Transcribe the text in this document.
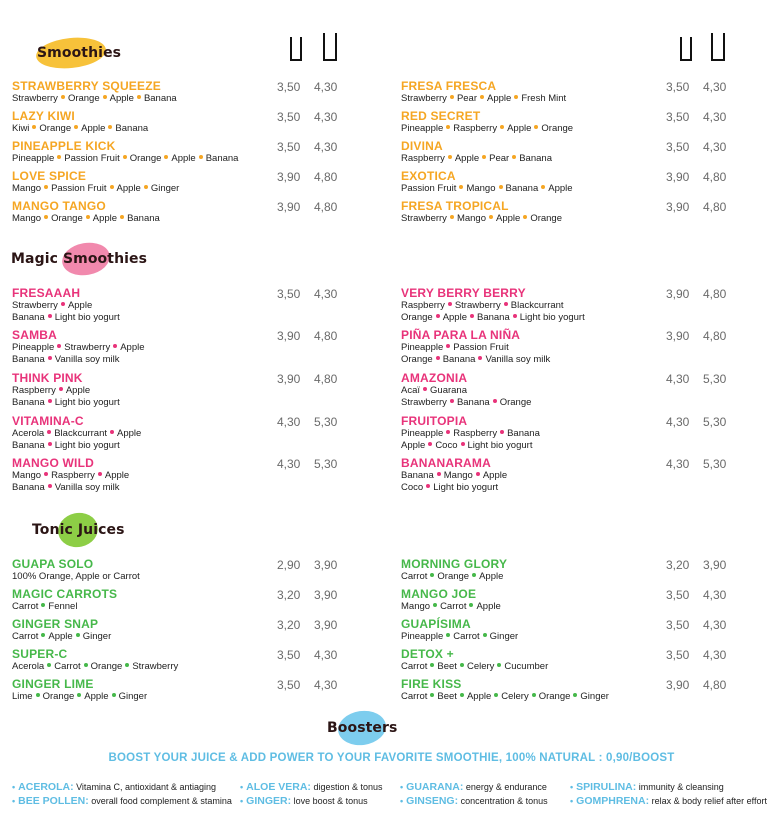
Smoothies
Magic Smoothies
Tonic Juices
Boosters
STRAWBERRY SQUEEZE
Strawberry Orange Apple Banana
3,50 4,30
LAZY KIWI
Kiwi Orange Apple Banana
3,50 4,30
PINEAPPLE KICK
Pineapple Passion Fruit Orange Apple Banana
3,50 4,30
LOVE SPICE
Mango Passion Fruit Apple Ginger
3,90 4,80
MANGO TANGO
Mango Orange Apple Banana
3,90 4,80
FRESA FRESCA
Strawberry Pear Apple Fresh Mint
3,50 4,30
RED SECRET
Pineapple Raspberry Apple Orange
3,50 4,30
DIVINA
Raspberry Apple Pear Banana
3,50 4,30
EXOTICA
Passion Fruit Mango Banana Apple
3,90 4,80
FRESA TROPICAL
Strawberry Mango Apple Orange
3,90 4,80
FRESAAAH
Strawberry Apple
Banana Light bio yogurt
3,50 4,30
SAMBA
Pineapple Strawberry Apple
Banana Vanilla soy milk
3,90 4,80
THINK PINK
Raspberry Apple
Banana Light bio yogurt
3,90 4,80
VITAMINA-C
Acerola Blackcurrant Apple
Banana Light bio yogurt
4,30 5,30
MANGO WILD
Mango Raspberry Apple
Banana Vanilla soy milk
4,30 5,30
VERY BERRY BERRY
Raspberry Strawberry Blackcurrant
Orange Apple Banana Light bio yogurt
3,90 4,80
PIÑA PARA LA NIÑA
Pineapple Passion Fruit
Orange Banana Vanilla soy milk
3,90 4,80
AMAZONIA
Acaï Guarana
Strawberry Banana Orange
4,30 5,30
FRUITOPIA
Pineapple Raspberry Banana
Apple Coco Light bio yogurt
4,30 5,30
BANANARAMA
Banana Mango Apple
Coco Light bio yogurt
4,30 5,30
GUAPA SOLO
100% Orange, Apple or Carrot
2,90 3,90
MAGIC CARROTS
Carrot Fennel
3,20 3,90
GINGER SNAP
Carrot Apple Ginger
3,20 3,90
SUPER-C
Acerola Carrot Orange Strawberry
3,50 4,30
GINGER LIME
Lime Orange Apple Ginger
3,50 4,30
MORNING GLORY
Carrot Orange Apple
3,20 3,90
MANGO JOE
Mango Carrot Apple
3,50 4,30
GUAPÍSIMA
Pineapple Carrot Ginger
3,50 4,30
DETOX +
Carrot Beet Celery Cucumber
3,50 4,30
FIRE KISS
Carrot Beet Apple Celery Orange Ginger
3,90 4,80
BOOST YOUR JUICE & ADD POWER TO YOUR FAVORITE SMOOTHIE, 100% NATURAL : 0,90/BOOST
• ACEROLA: Vitamina C, antioxidant & antiaging
• BEE POLLEN: overall food complement & stamina
• ALOE VERA: digestion & tonus
• GINGER: love boost & tonus
• GUARANA: energy & endurance
• GINSENG: concentration & tonus
• SPIRULINA: immunity & cleansing
• GOMPHRENA: relax & body relief after effort
